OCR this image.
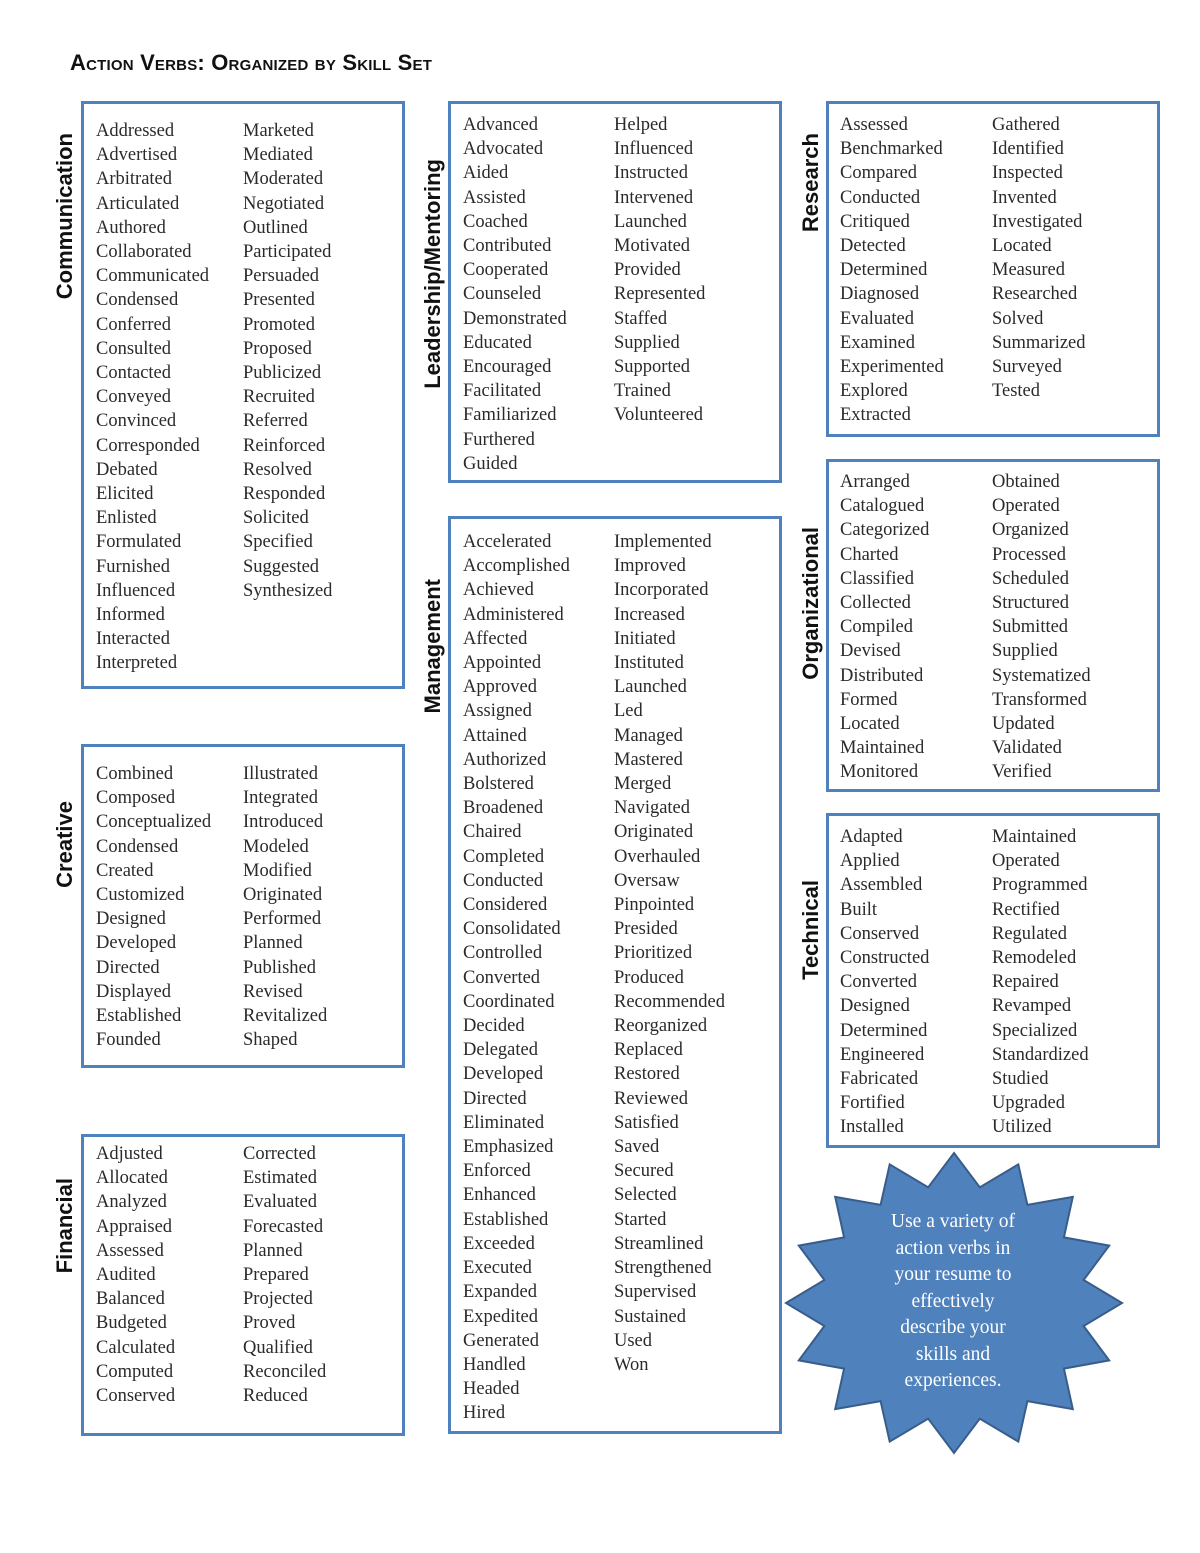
Action Verbs: Organized by Skill Set
Communication
Addressed
Advertised
Arbitrated
Articulated
Authored
Collaborated
Communicated
Condensed
Conferred
Consulted
Contacted
Conveyed
Convinced
Corresponded
Debated
Elicited
Enlisted
Formulated
Furnished
Influenced
Informed
Interacted
Interpreted
Marketed
Mediated
Moderated
Negotiated
Outlined
Participated
Persuaded
Presented
Promoted
Proposed
Publicized
Recruited
Referred
Reinforced
Resolved
Responded
Solicited
Specified
Suggested
Synthesized
Creative
Combined
Composed
Conceptualized
Condensed
Created
Customized
Designed
Developed
Directed
Displayed
Established
Founded
Illustrated
Integrated
Introduced
Modeled
Modified
Originated
Performed
Planned
Published
Revised
Revitalized
Shaped
Financial
Adjusted
Allocated
Analyzed
Appraised
Assessed
Audited
Balanced
Budgeted
Calculated
Computed
Conserved
Corrected
Estimated
Evaluated
Forecasted
Planned
Prepared
Projected
Proved
Qualified
Reconciled
Reduced
Leadership/Mentoring
Advanced
Advocated
Aided
Assisted
Coached
Contributed
Cooperated
Counseled
Demonstrated
Educated
Encouraged
Facilitated
Familiarized
Furthered
Guided
Helped
Influenced
Instructed
Intervened
Launched
Motivated
Provided
Represented
Staffed
Supplied
Supported
Trained
Volunteered
Management
Accelerated
Accomplished
Achieved
Administered
Affected
Appointed
Approved
Assigned
Attained
Authorized
Bolstered
Broadened
Chaired
Completed
Conducted
Considered
Consolidated
Controlled
Converted
Coordinated
Decided
Delegated
Developed
Directed
Eliminated
Emphasized
Enforced
Enhanced
Established
Exceeded
Executed
Expanded
Expedited
Generated
Handled
Headed
Hired
Implemented
Improved
Incorporated
Increased
Initiated
Instituted
Launched
Led
Managed
Mastered
Merged
Navigated
Originated
Overhauled
Oversaw
Pinpointed
Presided
Prioritized
Produced
Recommended
Reorganized
Replaced
Restored
Reviewed
Satisfied
Saved
Secured
Selected
Started
Streamlined
Strengthened
Supervised
Sustained
Used
Won
Research
Assessed
Benchmarked
Compared
Conducted
Critiqued
Detected
Determined
Diagnosed
Evaluated
Examined
Experimented
Explored
Extracted
Gathered
Identified
Inspected
Invented
Investigated
Located
Measured
Researched
Solved
Summarized
Surveyed
Tested
Organizational
Arranged
Catalogued
Categorized
Charted
Classified
Collected
Compiled
Devised
Distributed
Formed
Located
Maintained
Monitored
Obtained
Operated
Organized
Processed
Scheduled
Structured
Submitted
Supplied
Systematized
Transformed
Updated
Validated
Verified
Technical
Adapted
Applied
Assembled
Built
Conserved
Constructed
Converted
Designed
Determined
Engineered
Fabricated
Fortified
Installed
Maintained
Operated
Programmed
Rectified
Regulated
Remodeled
Repaired
Revamped
Specialized
Standardized
Studied
Upgraded
Utilized
Use a variety of
action verbs in
your resume to
effectively
describe your
skills and
experiences.
